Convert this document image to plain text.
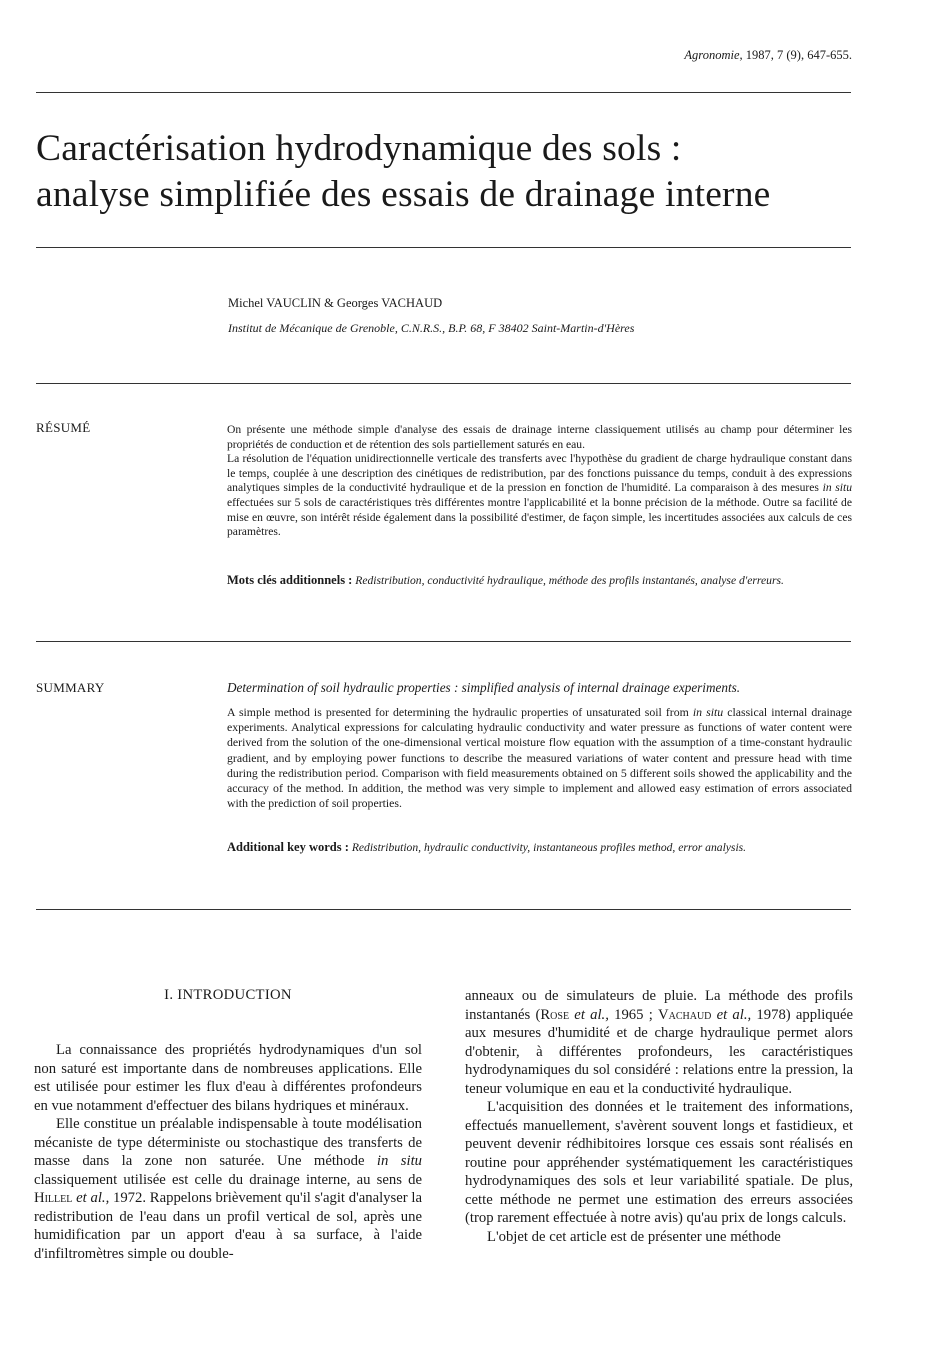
Agronomie, 1987, 7 (9), 647-655.
Caractérisation hydrodynamique des sols :
analyse simplifiée des essais de drainage interne
Michel VAUCLIN & Georges VACHAUD
Institut de Mécanique de Grenoble, C.N.R.S., B.P. 68, F 38402 Saint-Martin-d'Hères
RÉSUMÉ	On présente une méthode simple d'analyse des essais de drainage interne classiquement utilisés au champ pour déterminer les propriétés de conduction et de rétention des sols partiellement saturés en eau.

La résolution de l'équation unidirectionnelle verticale des transferts avec l'hypothèse du gradient de charge hydraulique constant dans le temps, couplée à une description des cinétiques de redistribution, par des fonctions puissance du temps, conduit à des expressions analytiques simples de la conductivité hydraulique et de la pression en fonction de l'humidité. La comparaison à des mesures in situ effectuées sur 5 sols de caractéristiques très différentes montre l'applicabilité et la bonne précision de la méthode. Outre sa facilité de mise en œuvre, son intérêt réside également dans la possibilité d'estimer, de façon simple, les incertitudes associées aux calculs de ces paramètres.

Mots clés additionnels : Redistribution, conductivité hydraulique, méthode des profils instantanés, analyse d'erreurs.
SUMMARY	Determination of soil hydraulic properties : simplified analysis of internal drainage experiments.

A simple method is presented for determining the hydraulic properties of unsaturated soil from in situ classical internal drainage experiments. Analytical expressions for calculating hydraulic conductivity and water pressure as functions of water content were derived from the solution of the one-dimensional vertical moisture flow equation with the assumption of a time-constant hydraulic gradient, and by employing power functions to describe the measured variations of water content and pressure head with time during the redistribution period. Comparison with field measurements obtained on 5 different soils showed the applicability and the accuracy of the method. In addition, the method was very simple to implement and allowed easy estimation of errors associated with the prediction of soil properties.

Additional key words : Redistribution, hydraulic conductivity, instantaneous profiles method, error analysis.
I. INTRODUCTION

La connaissance des propriétés hydrodynamiques d'un sol non saturé est importante dans de nombreuses applications. Elle est utilisée pour estimer les flux d'eau à différentes profondeurs en vue notamment d'effectuer des bilans hydriques et minéraux.

Elle constitue un préalable indispensable à toute modélisation mécaniste de type déterministe ou stochastique des transferts de masse dans la zone non saturée. Une méthode in situ classiquement utilisée est celle du drainage interne, au sens de Hillel et al., 1972. Rappelons brièvement qu'il s'agit d'analyser la redistribution de l'eau dans un profil vertical de sol, après une humidification par un apport d'eau à sa surface, à l'aide d'infiltromètres simple ou double-

anneaux ou de simulateurs de pluie. La méthode des profils instantanés (Rose et al., 1965 ; Vachaud et al., 1978) appliquée aux mesures d'humidité et de charge hydraulique permet alors d'obtenir, à différentes profondeurs, les caractéristiques hydrodynamiques du sol considéré : relations entre la pression, la teneur volumique en eau et la conductivité hydraulique.

L'acquisition des données et le traitement des informations, effectués manuellement, s'avèrent souvent longs et fastidieux, et peuvent devenir rédhibitoires lorsque ces essais sont réalisés en routine pour appréhender systématiquement les caractéristiques hydrodynamiques des sols et leur variabilité spatiale. De plus, cette méthode ne permet une estimation des erreurs associées (trop rarement effectuée à notre avis) qu'au prix de longs calculs.

L'objet de cet article est de présenter une méthode
